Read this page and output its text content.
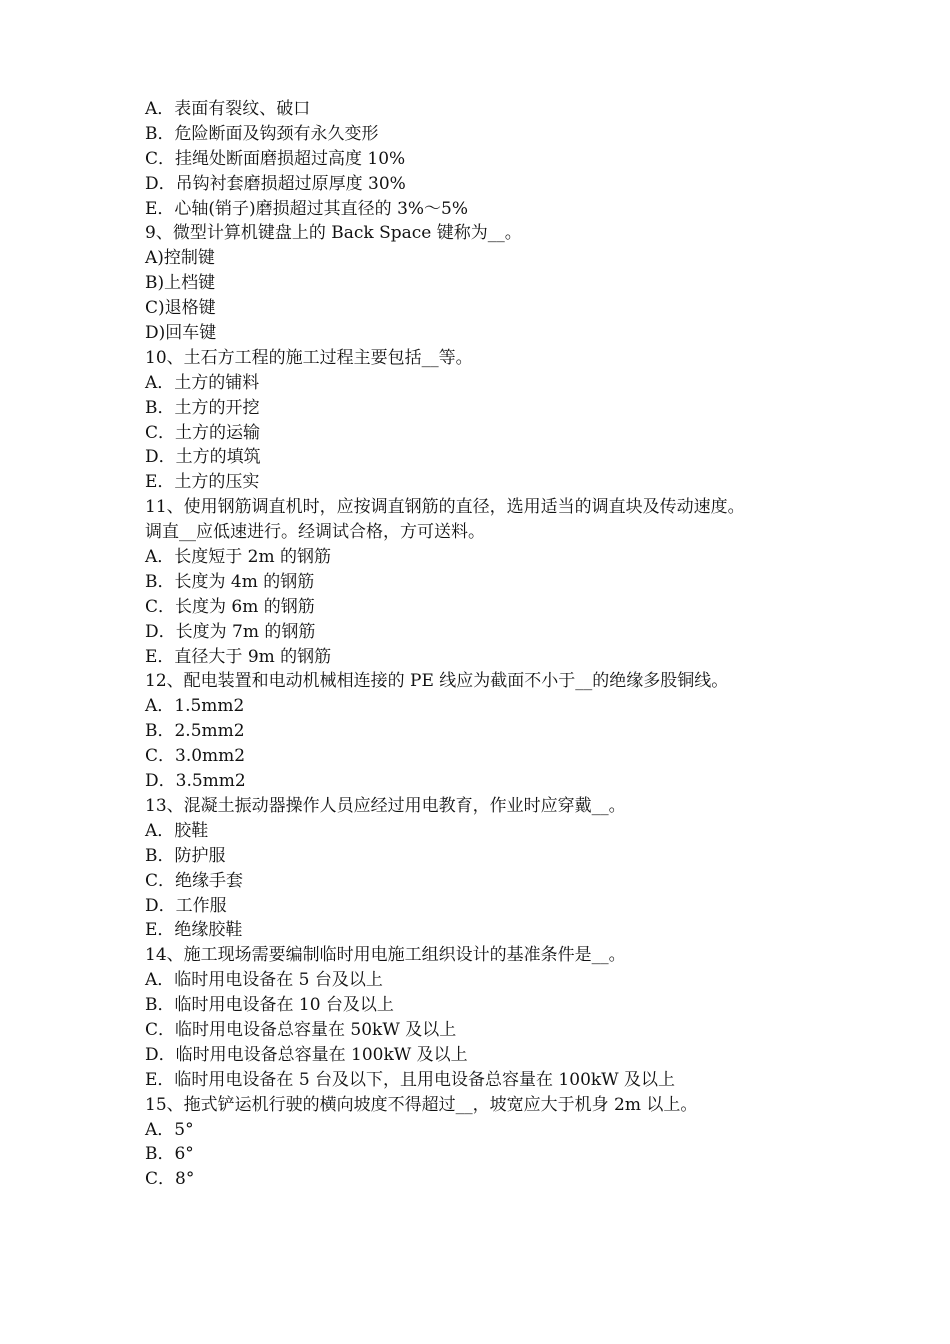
A．表面有裂纹、破口
B．危险断面及钩颈有永久变形
C．挂绳处断面磨损超过高度 10%
D．吊钩衬套磨损超过原厚度 30%
E．心轴(销子)磨损超过其直径的 3%～5%
9、微型计算机键盘上的 Back Space 键称为__。
A)控制键
B)上档键
C)退格键
D)回车键
10、土石方工程的施工过程主要包括__等。
A．土方的铺料
B．土方的开挖
C．土方的运输
D．土方的填筑
E．土方的压实
11、使用钢筋调直机时，应按调直钢筋的直径，选用适当的调直块及传动速度。
调直__应低速进行。经调试合格，方可送料。
A．长度短于 2m 的钢筋
B．长度为 4m 的钢筋
C．长度为 6m 的钢筋
D．长度为 7m 的钢筋
E．直径大于 9m 的钢筋
12、配电装置和电动机械相连接的 PE 线应为截面不小于__的绝缘多股铜线。
A．1.5mm2
B．2.5mm2
C．3.0mm2
D．3.5mm2
13、混凝土振动器操作人员应经过用电教育，作业时应穿戴__。
A．胶鞋
B．防护服
C．绝缘手套
D．工作服
E．绝缘胶鞋
14、施工现场需要编制临时用电施工组织设计的基准条件是__。
A．临时用电设备在 5 台及以上
B．临时用电设备在 10 台及以上
C．临时用电设备总容量在 50kW 及以上
D．临时用电设备总容量在 100kW 及以上
E．临时用电设备在 5 台及以下，且用电设备总容量在 100kW 及以上
15、拖式铲运机行驶的横向坡度不得超过__，坡宽应大于机身 2m 以上。
A．5°
B．6°
C．8°
